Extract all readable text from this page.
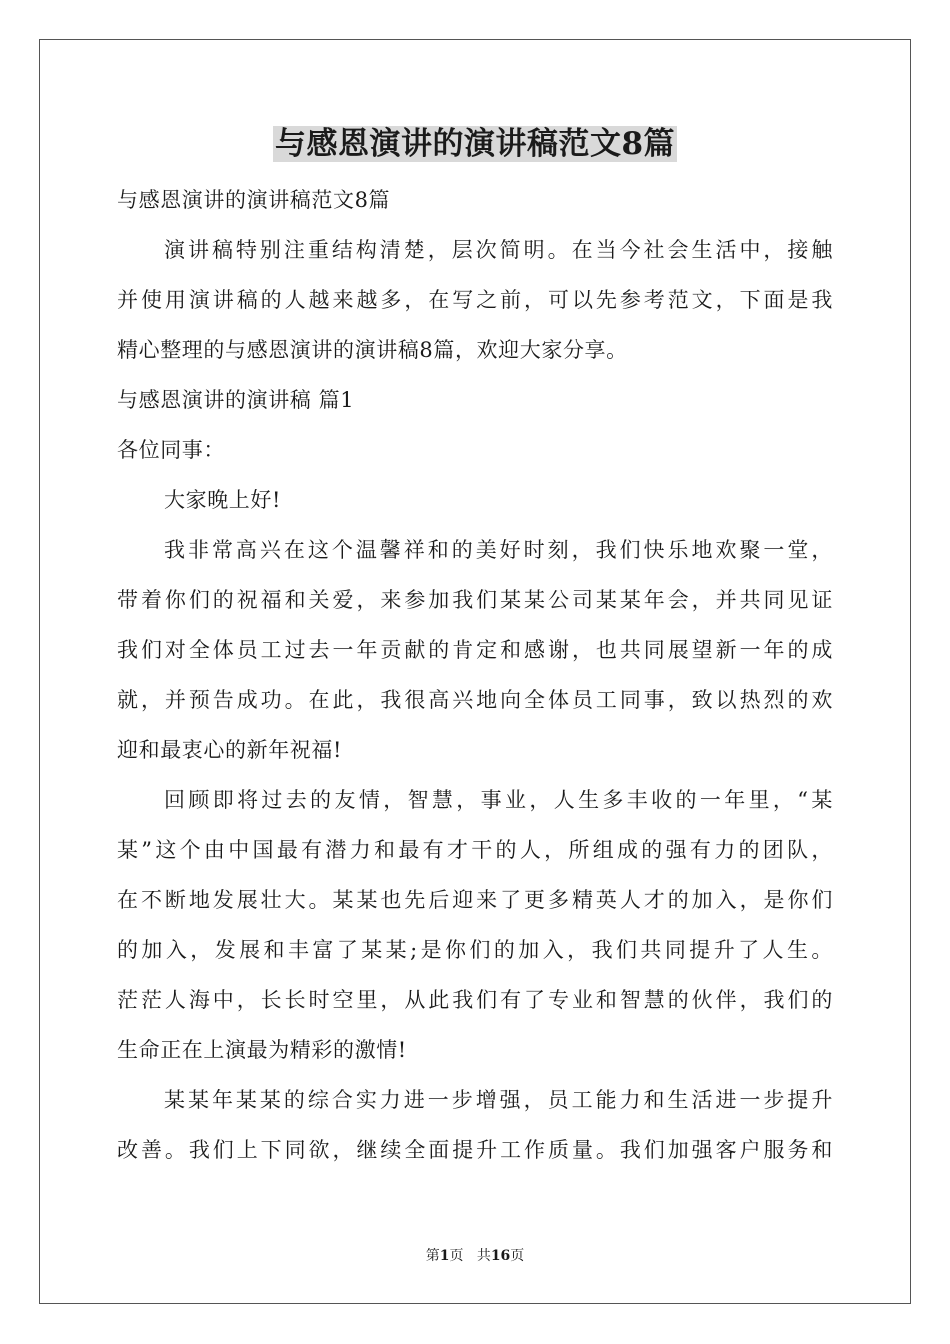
与感恩演讲的演讲稿范文8篇

与感恩演讲的演讲稿范文8篇

演讲稿特别注重结构清楚，层次简明。在当今社会生活中，接触

并使用演讲稿的人越来越多，在写之前，可以先参考范文，下面是我

精心整理的与感恩演讲的演讲稿8篇，欢迎大家分享。

与感恩演讲的演讲稿 篇1

各位同事：

大家晚上好!

我非常高兴在这个温馨祥和的美好时刻，我们快乐地欢聚一堂，

带着你们的祝福和关爱，来参加我们某某公司某某年会，并共同见证

我们对全体员工过去一年贡献的肯定和感谢，也共同展望新一年的成

就，并预告成功。在此，我很高兴地向全体员工同事，致以热烈的欢

迎和最衷心的新年祝福!

回顾即将过去的友情，智慧，事业，人生多丰收的一年里，“某

某”这个由中国最有潜力和最有才干的人，所组成的强有力的团队，

在不断地发展壮大。某某也先后迎来了更多精英人才的加入，是你们

的加入，发展和丰富了某某;是你们的加入，我们共同提升了人生。

茫茫人海中，长长时空里，从此我们有了专业和智慧的伙伴，我们的

生命正在上演最为精彩的激情!

某某年某某的综合实力进一步增强，员工能力和生活进一步提升

改善。我们上下同欲，继续全面提升工作质量。我们加强客户服务和

第1页 共16页
